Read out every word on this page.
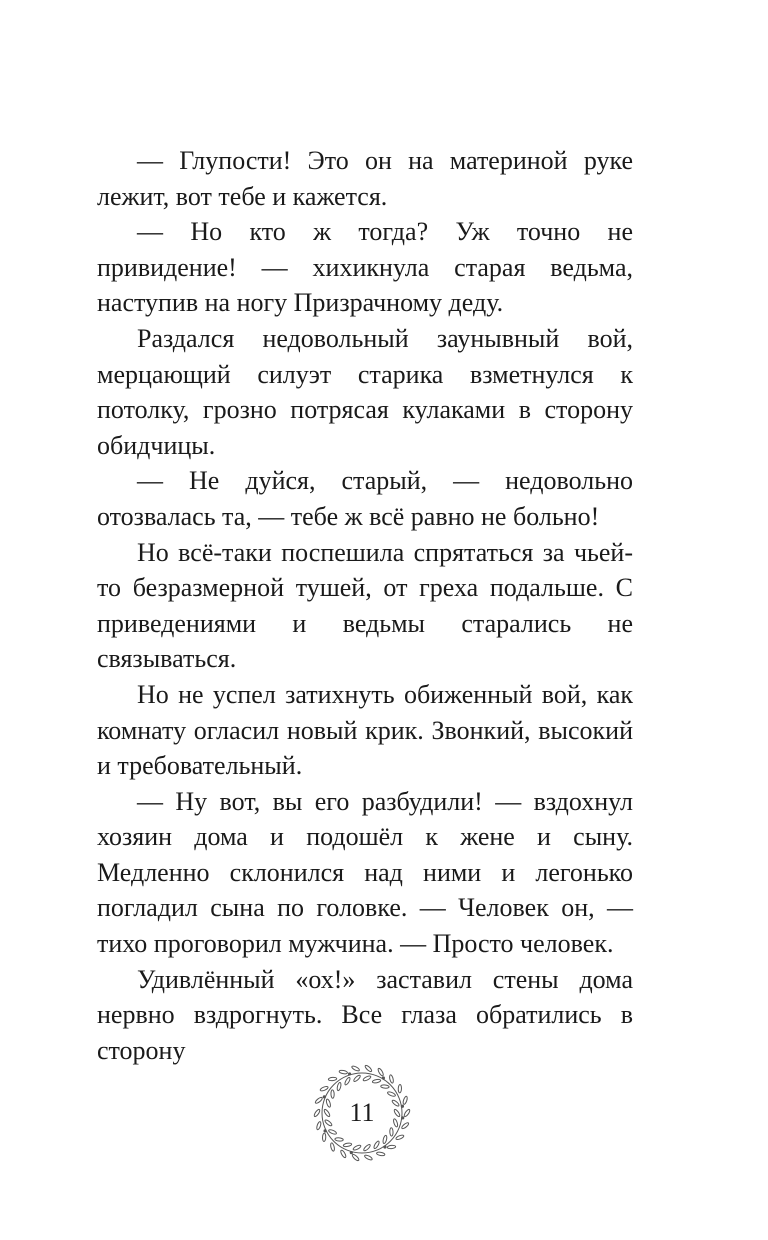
— Глупости! Это он на материной руке лежит, вот тебе и кажется.

— Но кто ж тогда? Уж точно не привидение! — хихикнула старая ведьма, наступив на ногу Призрачному деду.

Раздался недовольный заунывный вой, мерцающий силуэт старика взметнулся к потолку, грозно потрясая кулаками в сторону обидчицы.

— Не дуйся, старый, — недовольно отозвалась та, — тебе ж всё равно не больно!

Но всё-таки поспешила спрятаться за чьей-то безразмерной тушей, от греха подальше. С приведениями и ведьмы старались не связываться.

Но не успел затихнуть обиженный вой, как комнату огласил новый крик. Звонкий, высокий и требовательный.

— Ну вот, вы его разбудили! — вздохнул хозяин дома и подошёл к жене и сыну. Медленно склонился над ними и легонько погладил сына по головке. — Человек он, — тихо проговорил мужчина. — Просто человек.

Удивлённый «ох!» заставил стены дома нервно вздрогнуть. Все глаза обратились в сторону

11
